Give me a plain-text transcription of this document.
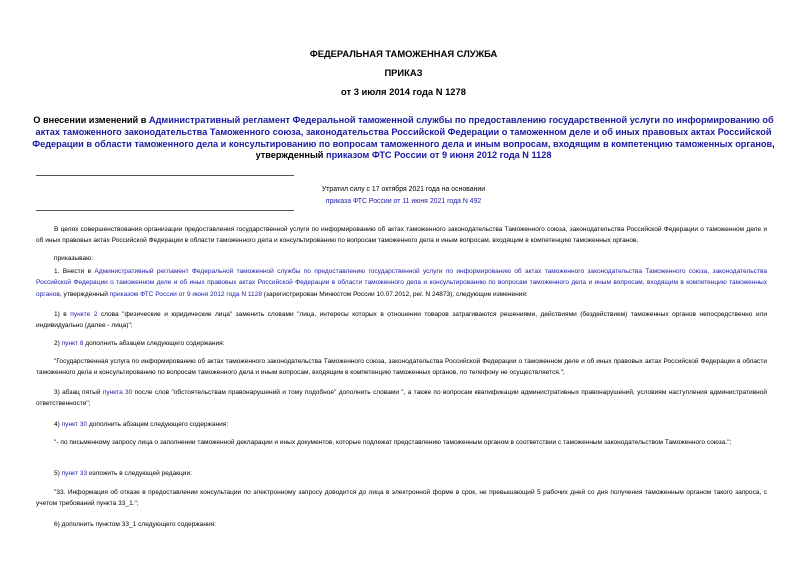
ФЕДЕРАЛЬНАЯ ТАМОЖЕННАЯ СЛУЖБА
ПРИКАЗ
от 3 июля 2014 года N 1278
О внесении изменений в Административный регламент Федеральной таможенной службы по предоставлению государственной услуги по информированию об актах таможенного законодательства Таможенного союза, законодательства Российской Федерации о таможенном деле и об иных правовых актах Российской Федерации в области таможенного дела и консультированию по вопросам таможенного дела и иным вопросам, входящим в компетенцию таможенных органов, утвержденный приказом ФТС России от 9 июня 2012 года N 1128
Утратил силу с 17 октября 2021 года на основании
приказа ФТС России от 11 июня 2021 года N 492
В целях совершенствования организации предоставления государственной услуги по информированию об актах таможенного законодательства Таможенного союза, законодательства Российской Федерации о таможенном деле и об иных правовых актах Российской Федерации в области таможенного дела и консультированию по вопросам таможенного дела и иным вопросам, входящим в компетенцию таможенных органов,
приказываю:
1. Внести в Административный регламент Федеральной таможенной службы по предоставлению государственной услуги по информированию об актах таможенного законодательства Таможенного союза, законодательства Российской Федерации о таможенном деле и об иных правовых актах Российской Федерации в области таможенного дела и консультированию по вопросам таможенного дела и иным вопросам, входящим в компетенцию таможенных органов, утвержденный приказом ФТС России от 9 июня 2012 года N 1128 (зарегистрирован Минюстом России 10.07.2012, рег. N 24873), следующие изменения:
1) в пункте 2 слова "физические и юридические лица" заменить словами "лица, интересы которых в отношении товаров затрагиваются решениями, действиями (бездействием) таможенных органов непосредственно или индивидуально (далее - лица)";
2) пункт 8 дополнить абзацем следующего содержания:
"Государственная услуга по информированию об актах таможенного законодательства Таможенного союза, законодательства Российской Федерации о таможенном деле и об иных правовых актах Российской Федерации в области таможенного дела и консультированию по вопросам таможенного дела и иным вопросам, входящим в компетенцию таможенных органов, по телефону не осуществляется.";
3) абзац пятый пункта 30 после слов "обстоятельствам правонарушений и тому подобное" дополнить словами ", а также по вопросам квалификации административных правонарушений, условиям наступления административной ответственности";
4) пункт 30 дополнить абзацем следующего содержания:
"- по письменному запросу лица о заполнении таможенной декларации и иных документов, которые подлежат представлению таможенным органом в соответствии с таможенным законодательством Таможенного союза.";
5) пункт 33 изложить в следующей редакции:
"33. Информация об отказе в предоставлении консультации по электронному запросу доводится до лица в электронной форме в срок, не превышающий 5 рабочих дней со дня получения таможенным органом такого запроса, с учетом требований пункта 33_1.";
6) дополнить пунктом 33_1 следующего содержания:
